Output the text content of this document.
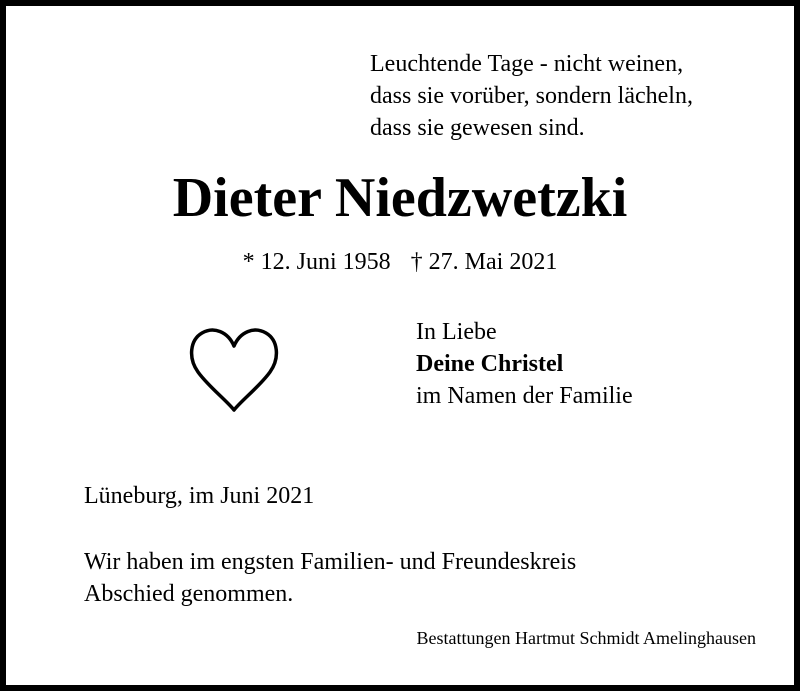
Leuchtende Tage - nicht weinen,
dass sie vorüber, sondern lächeln,
dass sie gewesen sind.
Dieter Niedzwetzki
* 12. Juni 1958 † 27. Mai 2021
In Liebe
Deine Christel
im Namen der Familie
Lüneburg, im Juni 2021
Wir haben im engsten Familien- und Freundeskreis
Abschied genommen.
Bestattungen Hartmut Schmidt Amelinghausen
